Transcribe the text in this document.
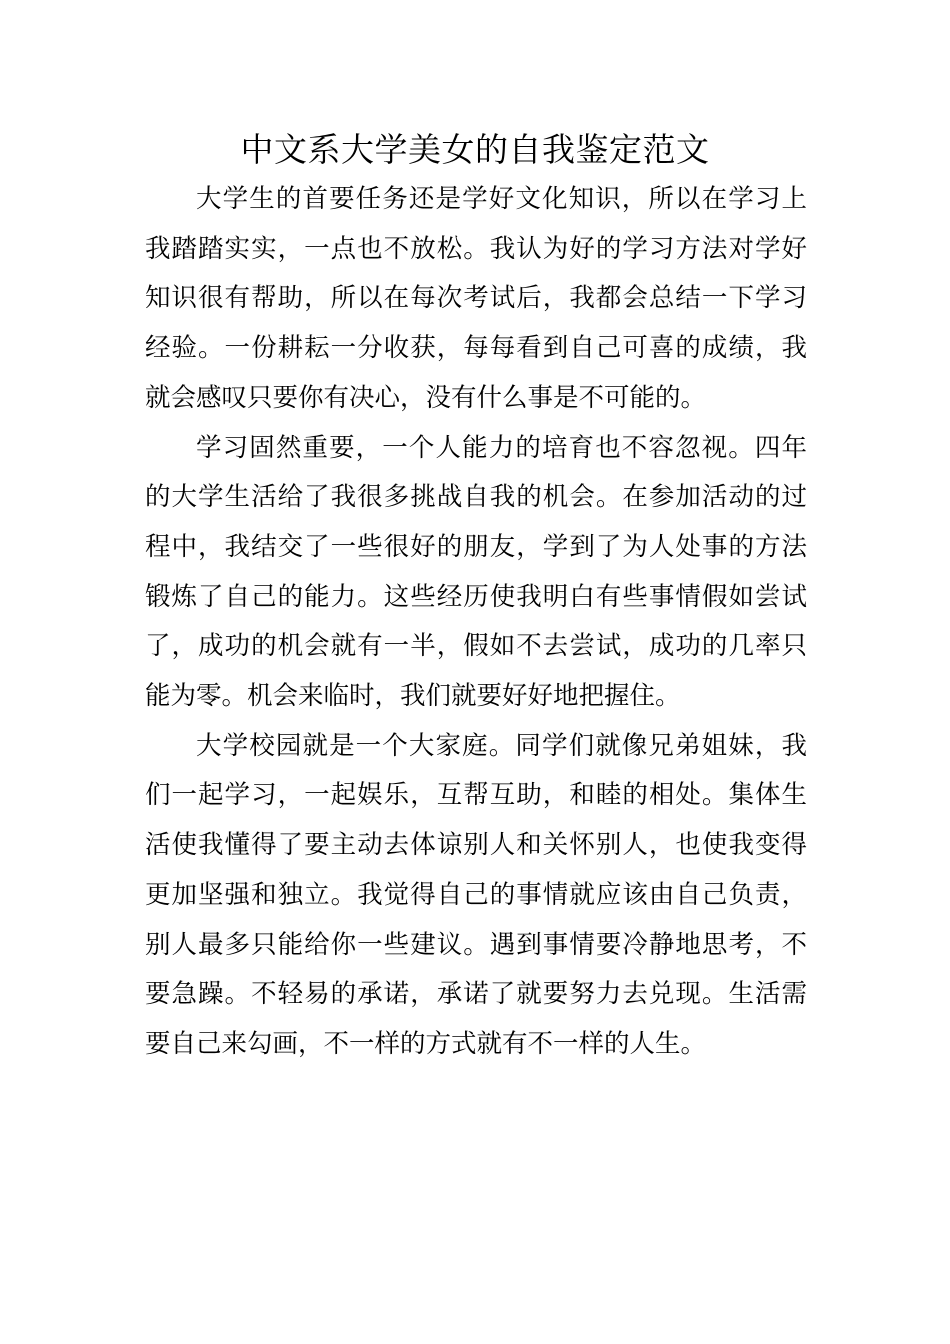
中文系大学美女的自我鉴定范文

大学生的首要任务还是学好文化知识，所以在学习上我踏踏实实，一点也不放松。我认为好的学习方法对学好知识很有帮助，所以在每次考试后，我都会总结一下学习经验。一份耕耘一分收获，每每看到自己可喜的成绩，我就会感叹只要你有决心，没有什么事是不可能的。

学习固然重要，一个人能力的培育也不容忽视。四年的大学生活给了我很多挑战自我的机会。在参加活动的过程中，我结交了一些很好的朋友，学到了为人处事的方法锻炼了自己的能力。这些经历使我明白有些事情假如尝试了，成功的机会就有一半，假如不去尝试，成功的几率只能为零。机会来临时，我们就要好好地把握住。

大学校园就是一个大家庭。同学们就像兄弟姐妹，我们一起学习，一起娱乐，互帮互助，和睦的相处。集体生活使我懂得了要主动去体谅别人和关怀别人，也使我变得更加坚强和独立。我觉得自己的事情就应该由自己负责，别人最多只能给你一些建议。遇到事情要冷静地思考，不要急躁。不轻易的承诺，承诺了就要努力去兑现。生活需要自己来勾画，不一样的方式就有不一样的人生。
